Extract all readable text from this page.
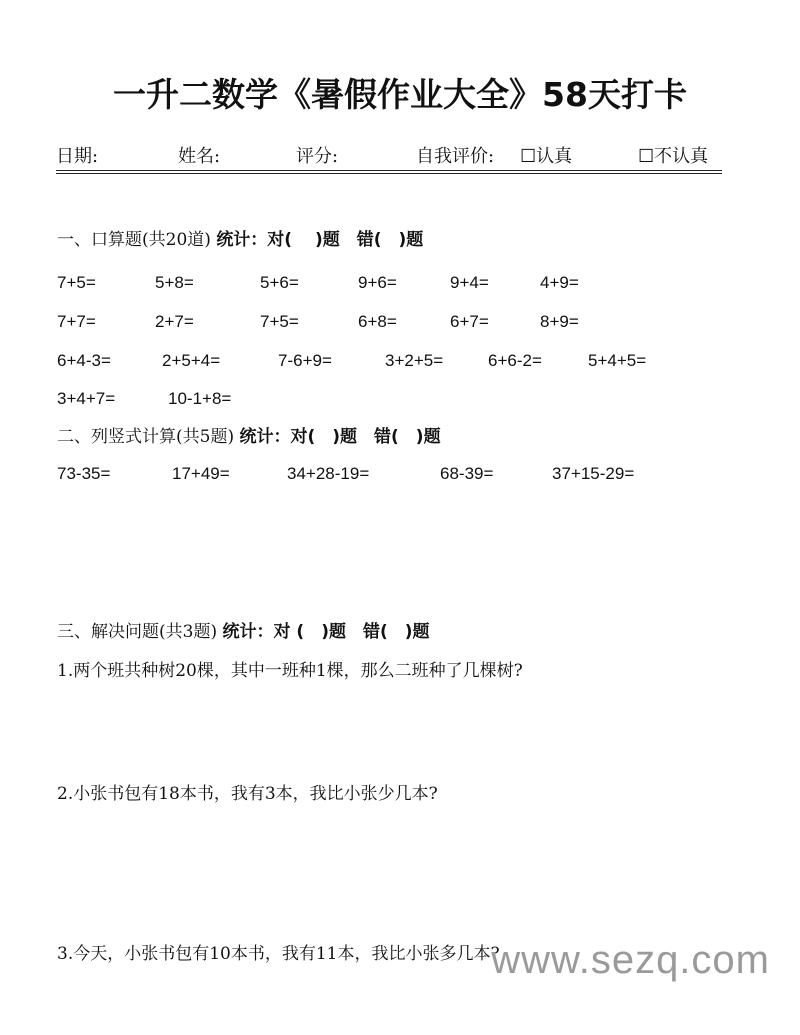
一升二数学《暑假作业大全》58天打卡
日期:	姓名:	评分:	自我评价: ☐认真	☐不认真
一、口算题(共20道) 统计：对(　 )题　错(　)题
7+5=	5+8=	5+6=	9+6=	9+4=	4+9=
7+7=	2+7=	7+5=	6+8=	6+7=	8+9=
6+4-3=	2+5+4=	7-6+9=	3+2+5=	6+6-2=	5+4+5=
3+4+7=	10-1+8=
二、列竖式计算(共5题) 统计：对(　)题　错(　)题
73-35=	17+49=	34+28-19=	68-39=	37+15-29=
三、解决问题(共3题) 统计：对 (　)题　错(　)题
1.两个班共种树20棵，其中一班种1棵，那么二班种了几棵树?
2.小张书包有18本书，我有3本，我比小张少几本?
3.今天，小张书包有10本书，我有11本，我比小张多几本?
www.sezq.com
